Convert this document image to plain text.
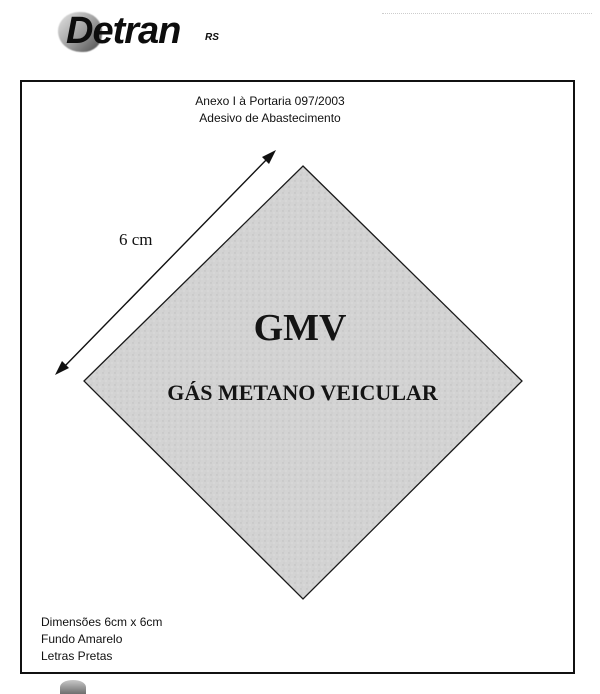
Detran RS
Anexo I à Portaria 097/2003
Adesivo de Abastecimento
6 cm
GMV
GÁS METANO VEICULAR
Dimensões 6cm x 6cm
Fundo Amarelo
Letras Pretas
